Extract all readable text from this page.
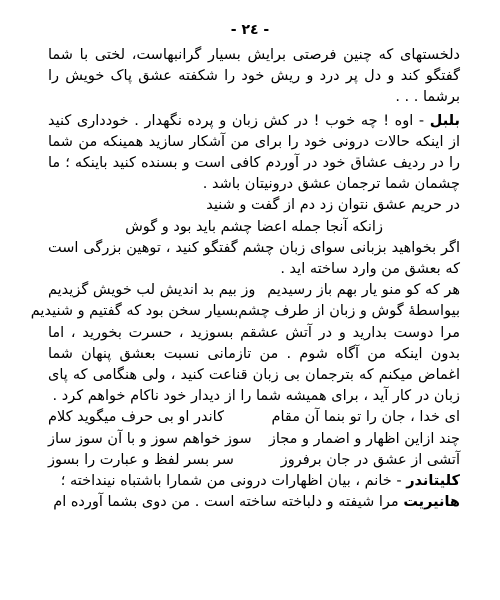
- ٢٤ -

دلخستهای که چنین فرصتی برایش بسیار گرانبهاست، لختی با شما گفتگو کند و دل پر درد و ریش خود را شکفته عشق پاک خویش را برشما . . .

بلبل - اوه ! چه خوب ! در کش زبان و پرده نگهدار . خودداری کنید از اینکه حالات درونی خود را برای من آشکار سازید همینکه من شما را در ردیف عشاق خود در آوردم کافی است و بسنده کنید باینکه ؛ ما چشمان شما ترجمان عشق درونیتان باشد .

در حریم عشق نتوان زد دم از گفت و شنید
زانکه آنجا جمله اعضا چشم باید بود و گوش

اگر بخواهید بزبانی سوای زبان چشم گفتگو کنید ، توهین بزرگی است که بعشق من وارد ساخته اید .

هر که کو منو یار بهم باز رسیدیم
وز بیم بد اندیش لب خویش گزیدیم
بیواسطهٔ گوش و زبان از طرف چشم
بسیار سخن بود که گفتیم و شنیدیم

مرا دوست بدارید و در آتش عشقم بسوزید ، حسرت بخورید ، اما بدون اینکه من آگاه شوم . من تازمانی نسبت بعشق پنهان شما اغماض میکنم که بترجمان بی زبان قناعت کنید ، ولی هنگامی که پای زبان در کار آید ، برای همیشه شما را از دیدار خود ناکام خواهم کرد .

ای خدا ، جان را تو بنما آن مقام
کاندر او بی حرف میگوید کلام
چند ازاین اظهار و اضمار و مجاز
سوز خواهم سوز و با آن سوز ساز
آتشی از عشق در جان برفروز
سر بسر لفظ و عبارت را بسوز

کلیتاندر - خانم ، بیان اظهارات درونی من شمارا باشتباه نینداخته ؛

هانیریت مرا شیفته و دلباخته ساخته است . من دوی بشما آورده ام
